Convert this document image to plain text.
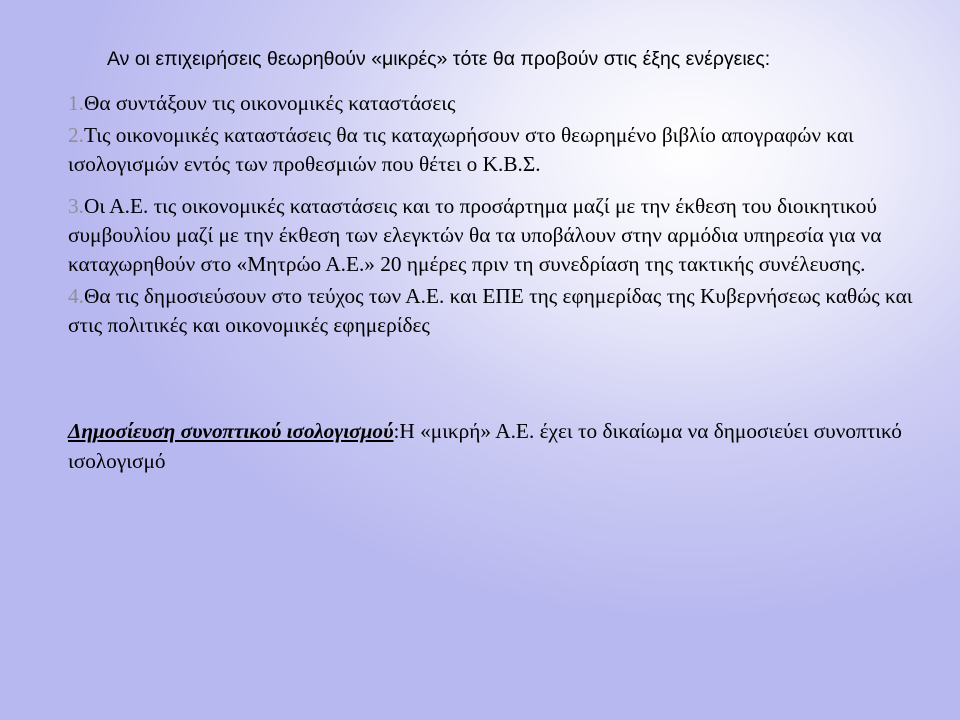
Αν οι επιχειρήσεις θεωρηθούν «μικρές» τότε θα προβούν στις έξης ενέργειες:
1.Θα συντάξουν τις οικονομικές καταστάσεις
2.Τις οικονομικές καταστάσεις θα τις καταχωρήσουν στο θεωρημένο βιβλίο απογραφών και ισολογισμών εντός των προθεσμιών που θέτει ο Κ.Β.Σ.
3.Οι Α.Ε. τις οικονομικές καταστάσεις και το προσάρτημα μαζί με την έκθεση του διοικητικού συμβουλίου μαζί με την έκθεση των ελεγκτών θα τα υποβάλουν στην αρμόδια υπηρεσία για να καταχωρηθούν στο «Μητρώο Α.Ε.» 20 ημέρες πριν τη συνεδρίαση της τακτικής συνέλευσης.
4.Θα τις δημοσιεύσουν στο τεύχος των Α.Ε. και ΕΠΕ της εφημερίδας της Κυβερνήσεως καθώς και στις πολιτικές και οικονομικές εφημερίδες
Δημοσίευση συνοπτικού ισολογισμού:Η «μικρή» Α.Ε. έχει το δικαίωμα να δημοσιεύει συνοπτικό ισολογισμό
